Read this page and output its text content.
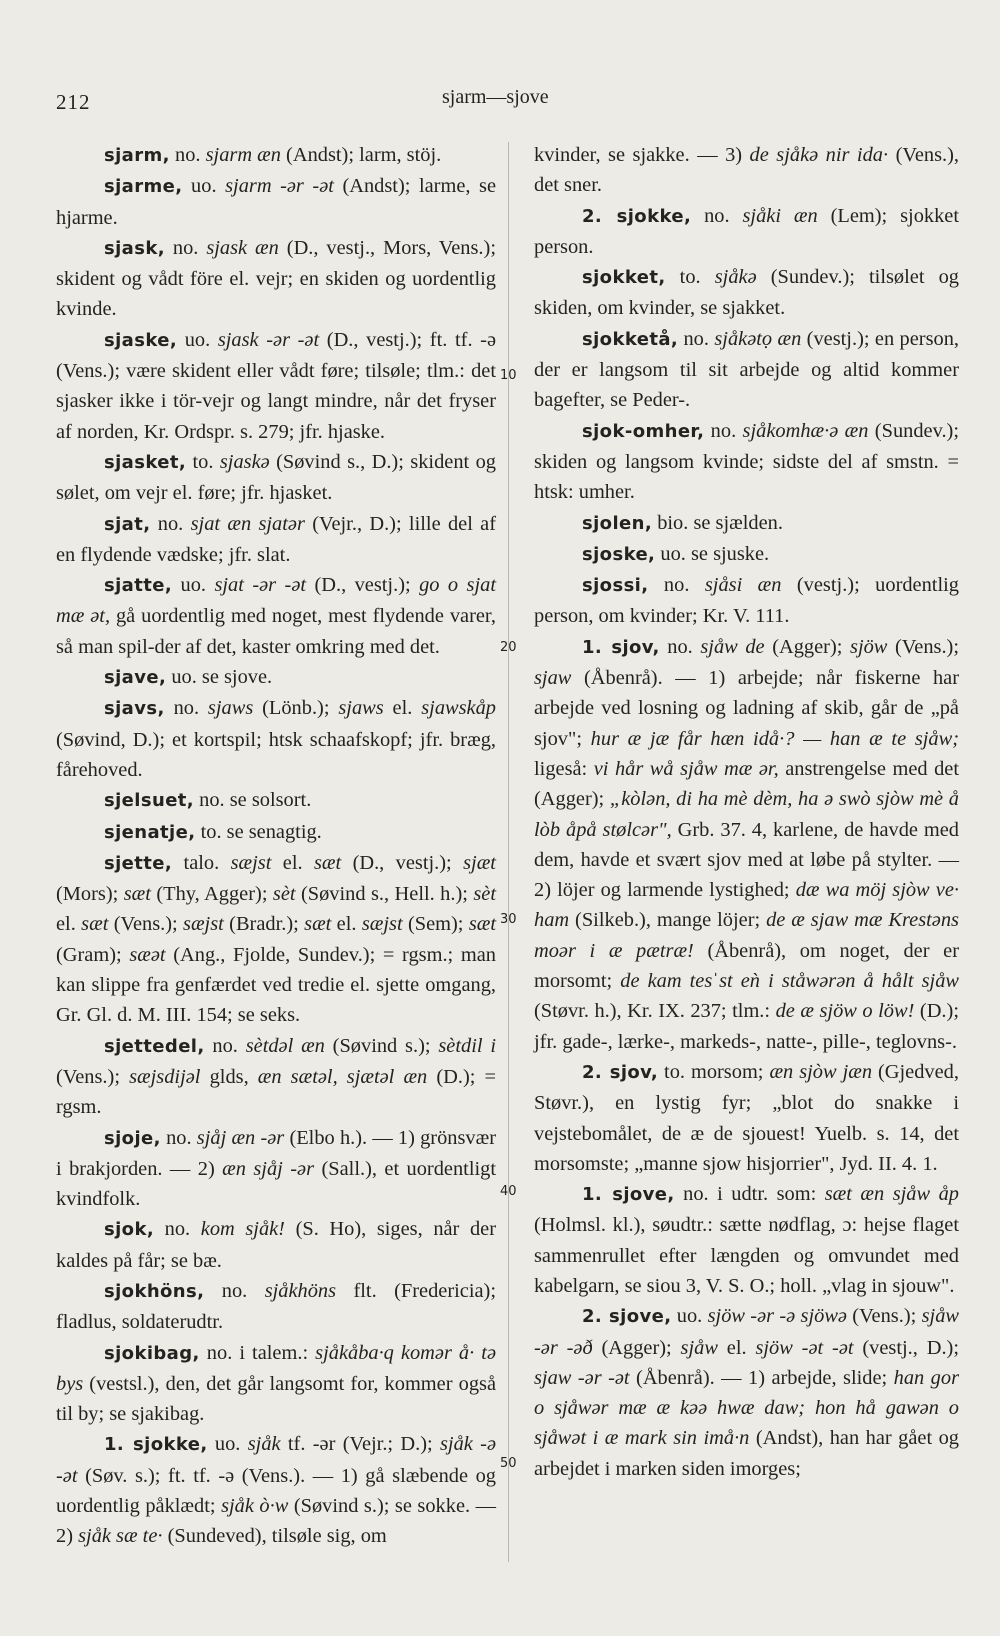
212	sjarm—sjove
10
20
30
40
50

sjarm, no. sjarm æn (Andst); larm, stöj.

sjarme, uo. sjarm -ər -ət (Andst); larme, se hjarme.

sjask, no. sjask æn (D., vestj., Mors, Vens.); skident og vådt före el. vejr; en skiden og uordentlig kvinde.

sjaske, uo. sjask -ər -ət (D., vestj.); ft. tf. -ə (Vens.); være skident eller vådt føre; tilsøle; tlm.: det sjasker ikke i tör-vejr og langt mindre, når det fryser af norden, Kr. Ordspr. s. 279; jfr. hjaske.

sjasket, to. sjaskə (Søvind s., D.); skident og sølet, om vejr el. føre; jfr. hjasket.

sjat, no. sjat æn sjatər (Vejr., D.); lille del af en flydende vædske; jfr. slat.

sjatte, uo. sjat -ər -ət (D., vestj.); go o sjat mæ ət, gå uordentlig med noget, mest flydende varer, så man spil-der af det, kaster omkring med det.

sjave, uo. se sjove.

sjavs, no. sjaws (Lönb.); sjaws el. sjawskåp (Søvind, D.); et kortspil; htsk schaafskopf; jfr. bræg, fårehoved.

sjelsuet, no. se solsort.

sjenatje, to. se senagtig.

sjette, talo. sæjst el. sæt (D., vestj.); sjæt (Mors); sæt (Thy, Agger); sèt (Søvind s., Hell. h.); sèt el. sæt (Vens.); sæjst (Bradr.); sæt el. sæjst (Sem); sæt (Gram); sæət (Ang., Fjolde, Sundev.); = rgsm.; man kan slippe fra genfærdet ved tredie el. sjette omgang, Gr. Gl. d. M. III. 154; se seks.

sjettedel, no. sètdəl æn (Søvind s.); sètdil i (Vens.); sæjsdijəl glds, æn sætəl, sjætəl æn (D.); = rgsm.

sjoje, no. sjåj æn -ər (Elbo h.). — 1) grönsvær i brakjorden. — 2) æn sjåj -ər (Sall.), et uordentligt kvindfolk.

sjok, no. kom sjåk! (S. Ho), siges, når der kaldes på får; se bæ.

sjokhöns, no. sjåkhöns flt. (Fredericia); fladlus, soldaterudtr.

sjokibag, no. i talem.: sjåkåba·q komər å· tə bys (vestsl.), den, det går langsomt for, kommer også til by; se sjakibag.

1. sjokke, uo. sjåk tf. -ər (Vejr.; D.); sjåk -ə -ət (Søv. s.); ft. tf. -ə (Vens.). — 1) gå slæbende og uordentlig påklædt; sjåk ò·w (Søvind s.); se sokke. — 2) sjåk sæ te· (Sundeved), tilsøle sig, om

kvinder, se sjakke. — 3) de sjåkə nir ida· (Vens.), det sner.

2. sjokke, no. sjåki æn (Lem); sjokket person.

sjokket, to. sjåkə (Sundev.); tilsølet og skiden, om kvinder, se sjakket.

sjokketå, no. sjåkətọ æn (vestj.); en person, der er langsom til sit arbejde og altid kommer bagefter, se Peder-.

sjok-omher, no. sjåkomhæ·ə æn (Sundev.); skiden og langsom kvinde; sidste del af smstn. = htsk: umher.

sjolen, bio. se sjælden.

sjoske, uo. se sjuske.

sjossi, no. sjåsi æn (vestj.); uordentlig person, om kvinder; Kr. V. 111.

1. sjov, no. sjåw de (Agger); sjöw (Vens.); sjaw (Åbenrå). — 1) arbejde; når fiskerne har arbejde ved losning og ladning af skib, går de „på sjov"; hur æ jæ får hæn idå·? — han æ te sjåw; ligeså: vi hår wå sjåw mæ ər, anstrengelse med det (Agger); „kòlən, di ha mè dèm, ha ə swò sjòw mè å lòb åpå stølcər", Grb. 37. 4, karlene, de havde med dem, havde et svært sjov med at løbe på stylter. — 2) löjer og larmende lystighed; dæ wa möj sjòw ve· ham (Silkeb.), mange löjer; de æ sjaw mæ Krestəns moər i æ pætræ! (Åbenrå), om noget, der er morsomt; de kam tesˈst eǹ i ståwərən å hålt sjåw (Støvr. h.), Kr. IX. 237; tlm.: de æ sjöw o löw! (D.); jfr. gade-, lærke-, markeds-, natte-, pille-, teglovns-.

2. sjov, to. morsom; æn sjòw jæn (Gjedved, Støvr.), en lystig fyr; „blot do snakke i vejstebomålet, de æ de sjouest! Yuelb. s. 14, det morsomste; „manne sjow hisjorrier", Jyd. II. 4. 1.

1. sjove, no. i udtr. som: sæt æn sjåw åp (Holmsl. kl.), søudtr.: sætte nødflag, ɔ: hejse flaget sammenrullet efter længden og omvundet med kabelgarn, se siou 3, V. S. O.; holl. „vlag in sjouw".

2. sjove, uo. sjöw -ər -ə sjöwə (Vens.); sjåw -ər -əð (Agger); sjåw el. sjöw -ət -ət (vestj., D.); sjaw -ər -ət (Åbenrå). — 1) arbejde, slide; han gor o sjåwər mæ æ kəə hwæ daw; hon hå gawən o sjåwət i æ mark sin imå·n (Andst), han har gået og arbejdet i marken siden imorges;
